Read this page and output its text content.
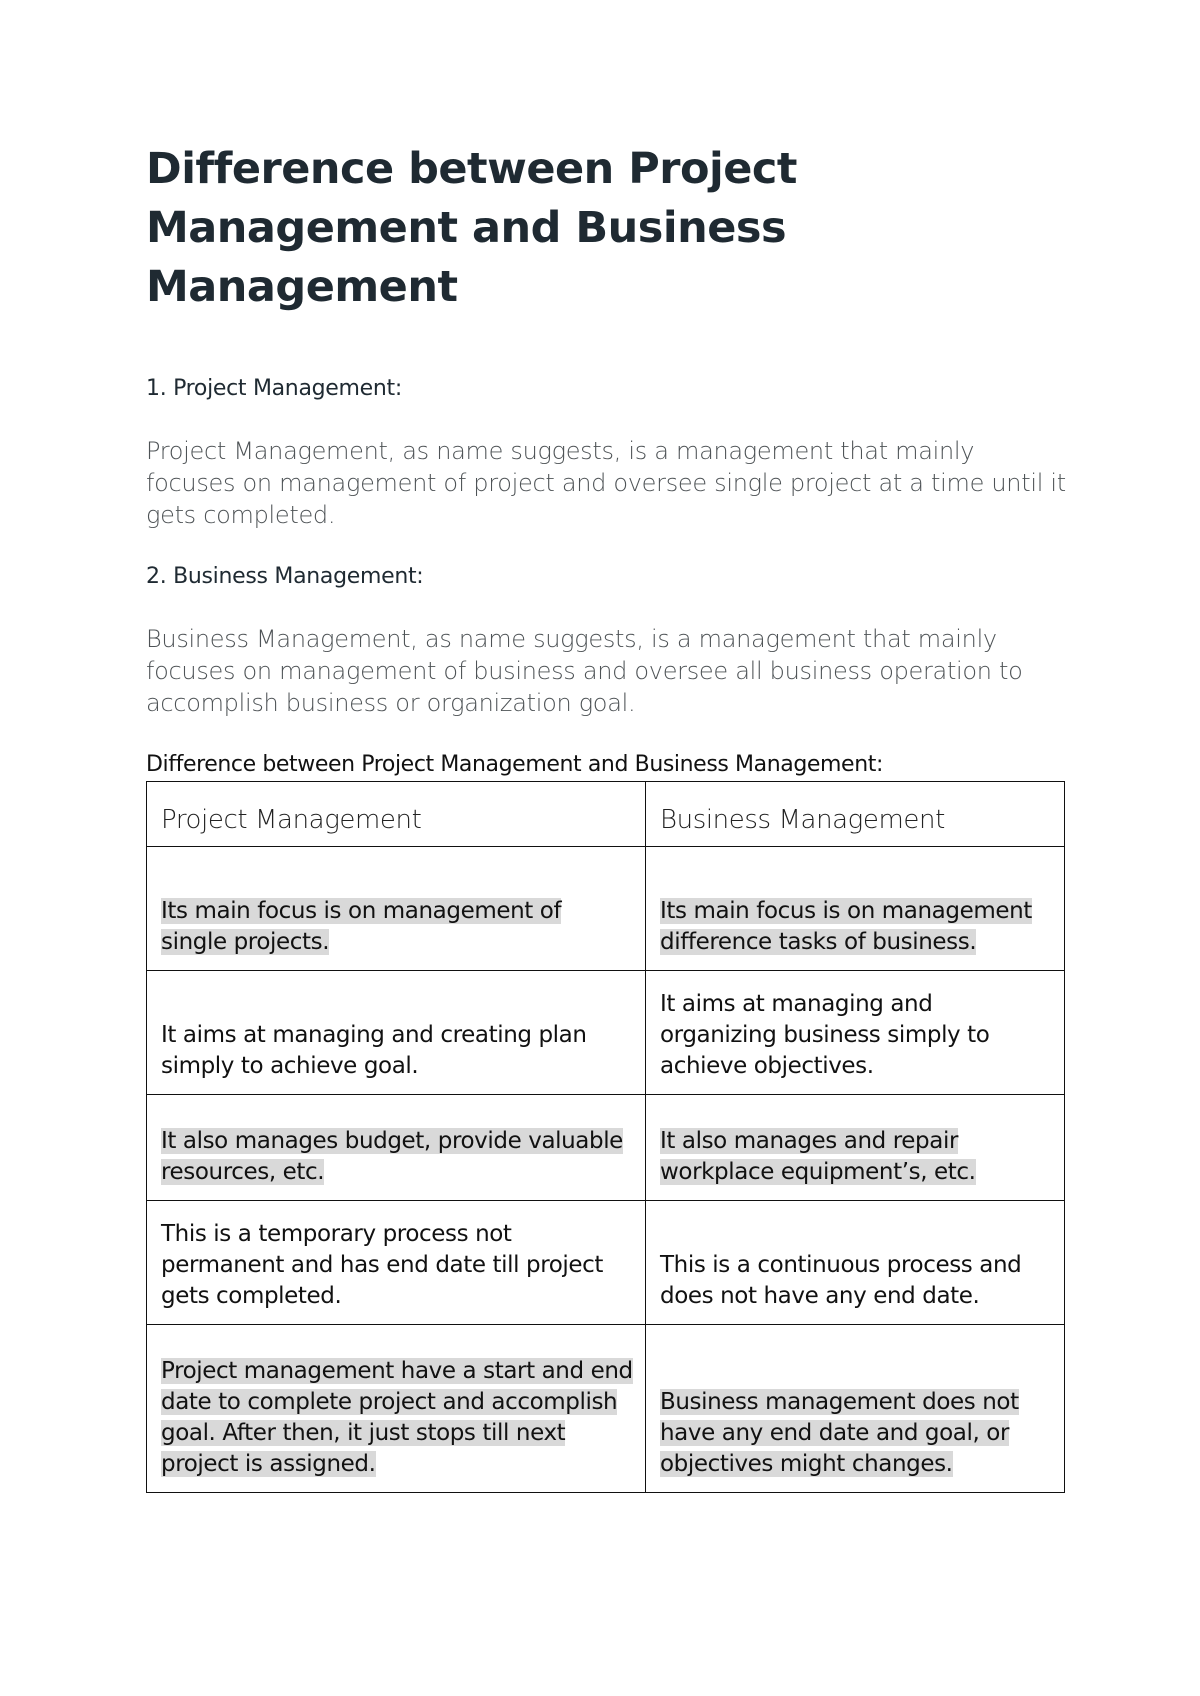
Difference between Project Management and Business Management

1. Project Management:

Project Management, as name suggests, is a management that mainly focuses on management of project and oversee single project at a time until it gets completed.

2. Business Management:

Business Management, as name suggests, is a management that mainly focuses on management of business and oversee all business operation to accomplish business or organization goal.

Difference between Project Management and Business Management:

Project Management	Business Management
Its main focus is on management of single projects.	Its main focus is on management difference tasks of business.
It aims at managing and creating plan simply to achieve goal.	It aims at managing and organizing business simply to achieve objectives.
It also manages budget, provide valuable resources, etc.	It also manages and repair workplace equipment’s, etc.
This is a temporary process not permanent and has end date till project gets completed.	This is a continuous process and does not have any end date.
Project management have a start and end date to complete project and accomplish goal. After then, it just stops till next project is assigned.	Business management does not have any end date and goal, or objectives might changes.
